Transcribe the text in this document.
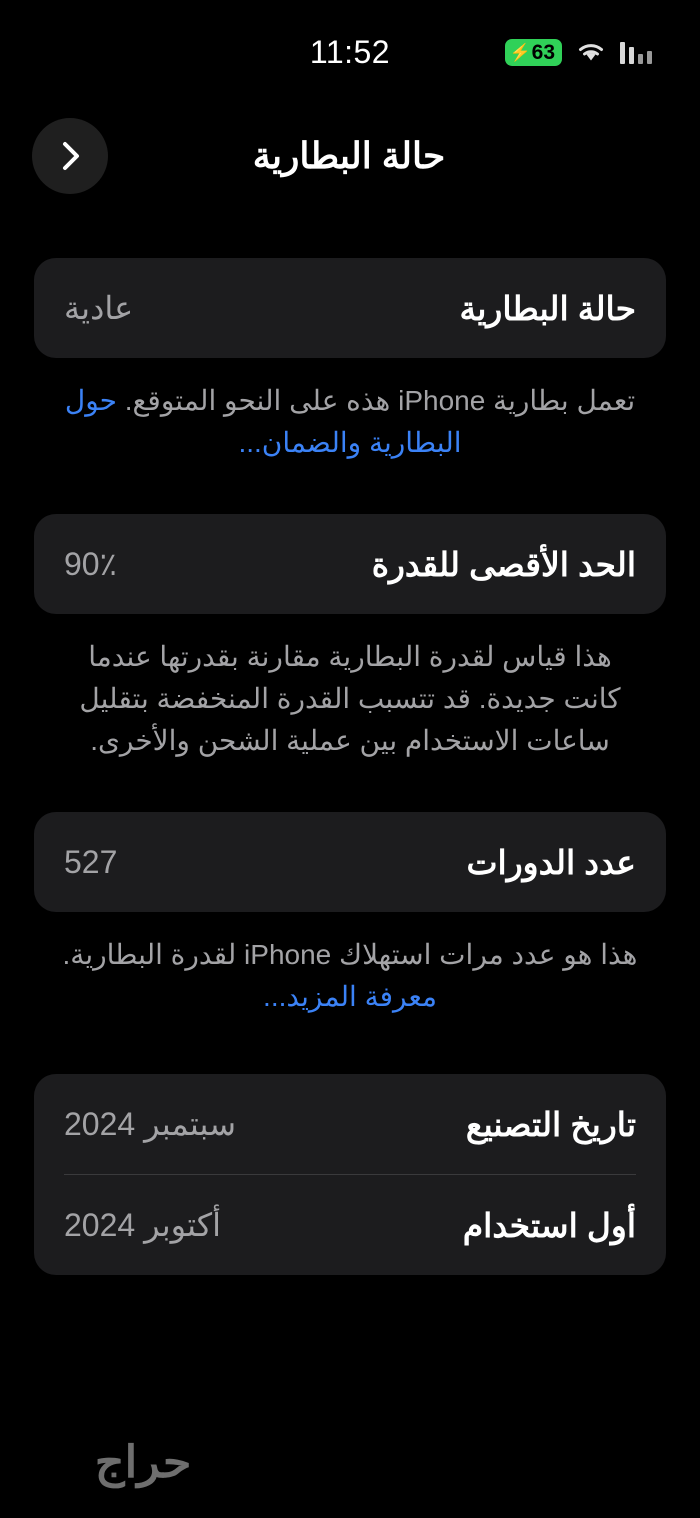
⚡ 63
11:52
حالة البطارية
حالة البطارية
عادية
تعمل بطارية iPhone هذه على النحو المتوقع. حول البطارية والضمان...
الحد الأقصى للقدرة
90٪
هذا قياس لقدرة البطارية مقارنة بقدرتها عندما كانت جديدة. قد تتسبب القدرة المنخفضة بتقليل ساعات الاستخدام بين عملية الشحن والأخرى.
عدد الدورات
527
هذا هو عدد مرات استهلاك iPhone لقدرة البطارية. معرفة المزيد...
تاريخ التصنيع
سبتمبر 2024
أول استخدام
أكتوبر 2024
حراج
